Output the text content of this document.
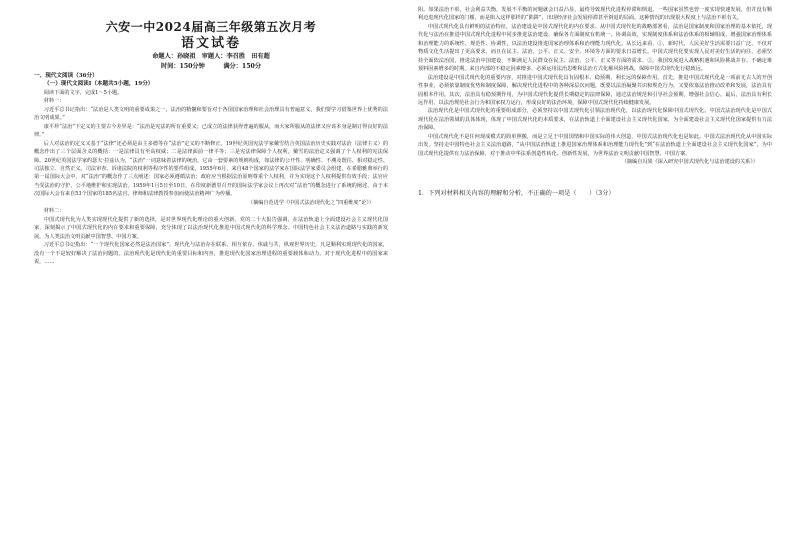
六安一中2024届高三年级第五次月考
语文试卷
命题人：孙晓祖　审题人：李召胜　田有超
时间：150分钟　　　满分：150分
一、现代文阅读（36分）
（一）现代文阅读Ⅰ（本题共5小题，19分）

阅读下面的文字，完成1～5小题。

材料一：

习近平总书记指出：“法治是人类文明的重要成果之一，法治的精髓和要旨对于各国国家治理和社会治理具有普遍意义，我们要学习借鉴世界上优秀的法治文明成果。”

康平珍“法治”下定义的主要古今差异是：“法治是宪法的所有重要义；已成立的法律获得普遍的服从，而大家所服从的法律又应该本身是制订得良好的法律。”

后人对法治的定义又基于“法律”还必须是由主多德等在“法治”定义的不断修正。19世纪英国宪法学家戴雪结合英国法治历史实践对法治（法律主义）的概念作出了三个层面含义的概括：一是法律具有至高权威；二是法律面前一律平等；三是宪法律保障个人权利。戴雪的法治定义强调了个人权利的宪法保障。20世纪英国法学家约瑟夫·拉兹认为，“法治”一词意味着法律的统治，它由一套要素的规则构成，如法律的公开性、明确性、不溯及既往、相对稳定性、司法独立、自然正义、司法审查、诉诸法院的权利等程序性的要件组成。1955年6月，来自48个国家的法学家在国际法学家委员会组建，在希腊雅典举行的第一届国际大会中，对“法治”的概念作了三点阐述：国家必须遵循法治；政府应当根据法治原则尊重个人权利，并为实现这个人权利提供有效手段；法官应当受法治的守护，公平地维护和实现法治。1959年1月5日至10日，在印度新德里召开的国际法学家会议上再次对“法治”的概念进行了系统的阐述，由于本次国际大会有来自53个国家的185名法官、律师和法律教授参加而使法治精神广为传播。

（摘编自范进学《中国式法治现代化之“四重维度”论》）

材料二：

中国式现代化为人类实现现代化提供了新的选择，是对世界现代化理论的重大创新。党的二十大报告强调，在法治轨道上全面建设社会主义现代化国家，深刻揭示了中国式现代化的内在要求和重要保障，充分体现了以法治现代化推进中国式现代化的科学理念。中国特色社会主义法治道路与实践的新发展，为人类法治文明贡献中国智慧、中国方案。

习近平总书记指出：“一个现代化国家必然是法治国家”。现代化与法治存在联系、相互依存、休戚与共，纵观世界历史，凡是顺利实现现代化的国家，没有一个不是较好解决了法治问题的。法治现代化是现代化的重要目标和内容，推进现代化国家治理进程的重要载体和动力。对于现代化进程中的国家来说，……

阻。如果法治不彰，社会利益失衡，发展不平衡的问题就会日益凸显，最终导致现代化进程停滞和倒退。一些国家虽然也曾一度实现快速发展，但并没有顺利迈进现代化国家的门槛，而是陷入这样那样的“陷阱”，出现经济社会发展停滞甚至倒退的局面。这种情况的出现很大程度上与法治不彰有关。

中国式现代化具有鲜明的法治特征，法治建设是中国式现代化的内在要求。从中国式现代化的战略部署看，法治是国家制度和国家治理的基本依托，现代化与法治在推进中国式现代化进程中同步推进法治建设，确保各方面制度有机统一、协调高效，实现制度体系和法治体系的相辅相成，增强国家治理体系和治理能力的系统性、规范性、协调性，以法治建设推进国家治理体系和治理能力现代化。从长远来看，①，新时代，人民美好生活需要日益广泛，不仅对物质文化生活提出了更高要求，而且在民主、法治、公平、正义、安全、环境等方面的要求日益增长。中国式现代化要实现人民对美好生活的向往，必须坚持全面依法治国，推进法治中国建设，不断满足人民群众在民主、法治、公平、正义等方面的需求。②。我国发展进入战略机遇和风险挑战并存、不确定难预料因素增多的时期，来自内部的不稳定因素增多，必须运用法治思维和法治方式化解风险挑战，保障中国式现代化行稳致远。

法治建设是中国式现代化的重要内容，对推进中国式现代化具有固根本、稳预期、利长远的保障作用。首先，推进中国式现代化是一项前无古人的开创性事业，必须依靠制度优势和制度保障，解决现代化进程中的各种深层次问题，既要以法治凝聚共识和规范行为，又要依靠法治推动改革和发展，法治具有固根本作用。其次，法治具有稳预期作用，为中国式现代化提供长期稳定的法律保障，通过法治规范和引导社会预期，增强社会信心。最后，法治具有利长远作用，以法治规范社会行为和国家权力运行，形成良好的法治环境，保障中国式现代化持续健康发展。

法治现代化是中国式现代化的重要组成部分，必须坚持以中国式现代化引领法治现代化，以法治现代化保障中国式现代化。中国式法治现代化是中国式现代化在法治领域的具体体现，体现了中国式现代化的本质要求，在法治轨道上全面建设社会主义现代化国家，为全面建设社会主义现代化国家提供有力法治保障。

中国式现代化不是任何现成模式的简单照搬，而是立足于中国国情和中国实际的伟大创造，中国式法治现代化也是如此。中国式法治现代化从中国实际出发，坚持走中国特色社会主义法治道路，“从中国法治轨道上推进国家治理体系和治理能力现代化”到“在法治轨道上全面建设社会主义现代化国家”，为中国式现代化提供有力法治保障，对于推动中华法系创造性转化、创新性发展，为世界法治文明贡献中国智慧、中国方案。

（摘编自冯果《深入研究中国式现代化与法治建设的关系》）
1．下列对材料相关内容的理解和分析，不正确的一项是（　　）（3分）
